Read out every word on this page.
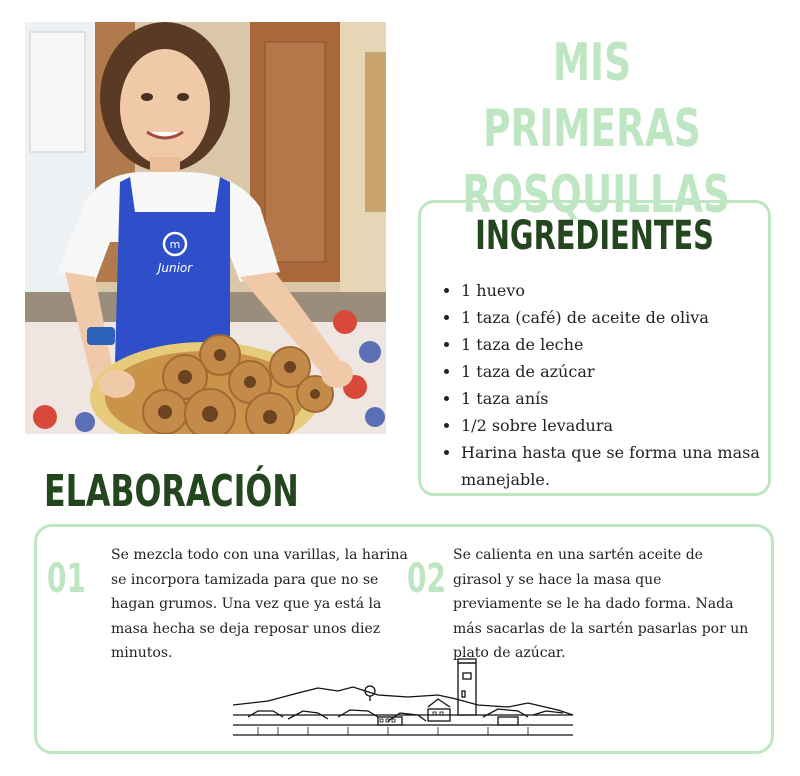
m
Junior
MIS PRIMERAS
ROSQUILLAS
INGREDIENTES
• 1 huevo
• 1 taza (café) de aceite de oliva
• 1 taza de leche
• 1 taza de azúcar
• 1 taza anís
• 1/2 sobre levadura
• Harina hasta que se forma una masa manejable.
ELABORACIÓN
01
Se mezcla todo con una varillas, la harina se incorpora tamizada para que no se hagan grumos. Una vez que ya está la masa hecha se deja reposar unos diez minutos.
02
Se calienta en una sartén aceite de girasol y se hace la masa que previamente se le ha dado forma. Nada más sacarlas de la sartén pasarlas por un plato de azúcar.
